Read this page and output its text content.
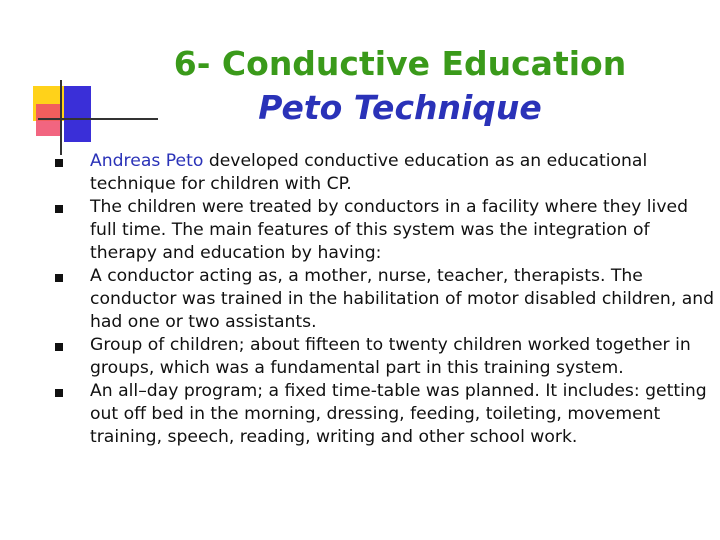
6- Conductive Education
Peto Technique
Andreas Peto developed conductive education as an educational technique for children with CP.
The children were treated by conductors in a facility where they lived full time. The main features of this system was the integration of therapy and education by having:
A conductor acting as, a mother, nurse, teacher, therapists. The conductor was trained in the habilitation of motor disabled children, and had one or two assistants.
Group of children; about fifteen to twenty children worked together in groups, which was a fundamental part in this training system.
An all–day program; a fixed time-table was planned. It includes: getting out off bed in the morning, dressing, feeding, toileting, movement training, speech, reading, writing and other school work.
